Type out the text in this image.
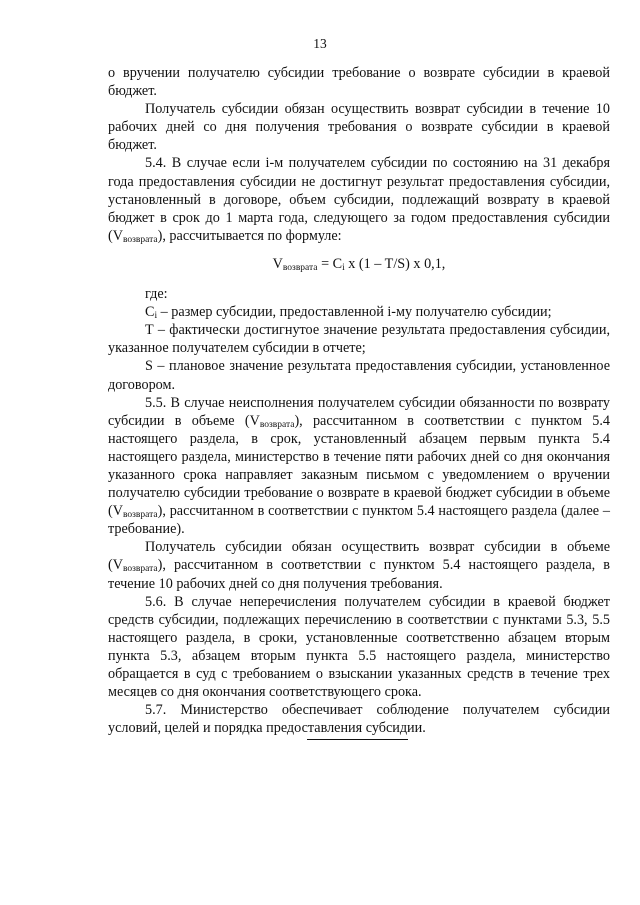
13

о вручении получателю субсидии требование о возврате субсидии в краевой бюджет.

Получатель субсидии обязан осуществить возврат субсидии в течение 10 рабочих дней со дня получения требования о возврате субсидии в краевой бюджет.

5.4. В случае если i-м получателем субсидии по состоянию на 31 декабря года предоставления субсидии не достигнут результат предоставления субсидии, установленный в договоре, объем субсидии, подлежащий возврату в краевой бюджет в срок до 1 марта года, следующего за годом предоставления субсидии $(V_{возврата})$, рассчитывается по формуле:

$V_{возврата} = C_i$ x (1 – T/S) x 0,1,

где:

$C_i$ – размер субсидии, предоставленной i-му получателю субсидии;

T – фактически достигнутое значение результата предоставления субсидии, указанное получателем субсидии в отчете;

S – плановое значение результата предоставления субсидии, установленное договором.

5.5. В случае неисполнения получателем субсидии обязанности по возврату субсидии в объеме $(V_{возврата})$, рассчитанном в соответствии с пунктом 5.4 настоящего раздела, в срок, установленный абзацем первым пункта 5.4 настоящего раздела, министерство в течение пяти рабочих дней со дня окончания указанного срока направляет заказным письмом с уведомлением о вручении получателю субсидии требование о возврате в краевой бюджет субсидии в объеме $(V_{возврата})$, рассчитанном в соответствии с пунктом 5.4 настоящего раздела (далее – требование).

Получатель субсидии обязан осуществить возврат субсидии в объеме $(V_{возврата})$, рассчитанном в соответствии с пунктом 5.4 настоящего раздела, в течение 10 рабочих дней со дня получения требования.

5.6. В случае неперечисления получателем субсидии в краевой бюджет средств субсидии, подлежащих перечислению в соответствии с пунктами 5.3, 5.5 настоящего раздела, в сроки, установленные соответственно абзацем вторым пункта 5.3, абзацем вторым пункта 5.5 настоящего раздела, министерство обращается в суд с требованием о взыскании указанных средств в течение трех месяцев со дня окончания соответствующего срока.

5.7. Министерство обеспечивает соблюдение получателем субсидии условий, целей и порядка предоставления субсидии.
